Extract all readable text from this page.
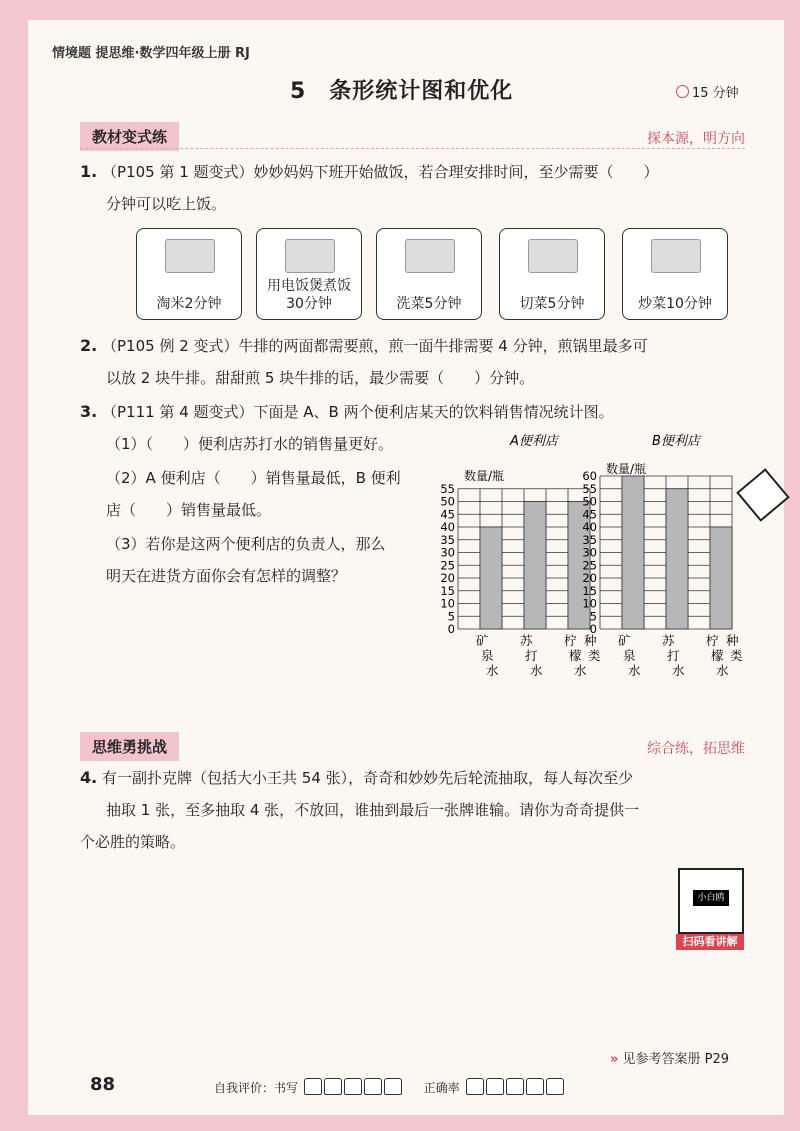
情境题 提思维·数学四年级上册 RJ
5　条形统计图和优化	15 分钟
教材变式练	探本源，明方向
1. （P105 第 1 题变式）妙妙妈妈下班开始做饭，若合理安排时间，至少需要（　　）
分钟可以吃上饭。
淘米2分钟
用电饭煲煮饭30分钟	洗菜5分钟	切菜5分钟	炒菜10分钟
2. （P105 例 2 变式）牛排的两面都需要煎，煎一面牛排需要 4 分钟，煎锅里最多可
以放 2 块牛排。甜甜煎 5 块牛排的话，最少需要（　　）分钟。
3. （P111 第 4 题变式）下面是 A、B 两个便利店某天的饮料销售情况统计图。
（1）（　　）便利店苏打水的销售量更好。
（2）A 便利店（　　）销售量最低，B 便利
店（　　）销售量最低。
（3）若你是这两个便利店的负责人，那么
明天在进货方面你会有怎样的调整？
A便利店
0
5
10
15
20
25
30
35
40
45
50
55
数量/瓶
矿
泉
水
苏
打
水
柠
檬
水
种
类
B便利店
0
5
10
15
20
25
30
35
40
45
50
55
60 数量/瓶
矿
泉
水
苏
打
水
柠
檬
水
种
类
思维勇挑战	综合练，拓思维
4. 有一副扑克牌（包括大小王共 54 张），奇奇和妙妙先后轮流抽取，每人每次至少
抽取 1 张，至多抽取 4 张，不放回，谁抽到最后一张牌谁输。请你为奇奇提供一
个必胜的策略。
小白鸥
扫码看讲解
» 见参考答案册 P29
88	自我评价：书写	正确率
